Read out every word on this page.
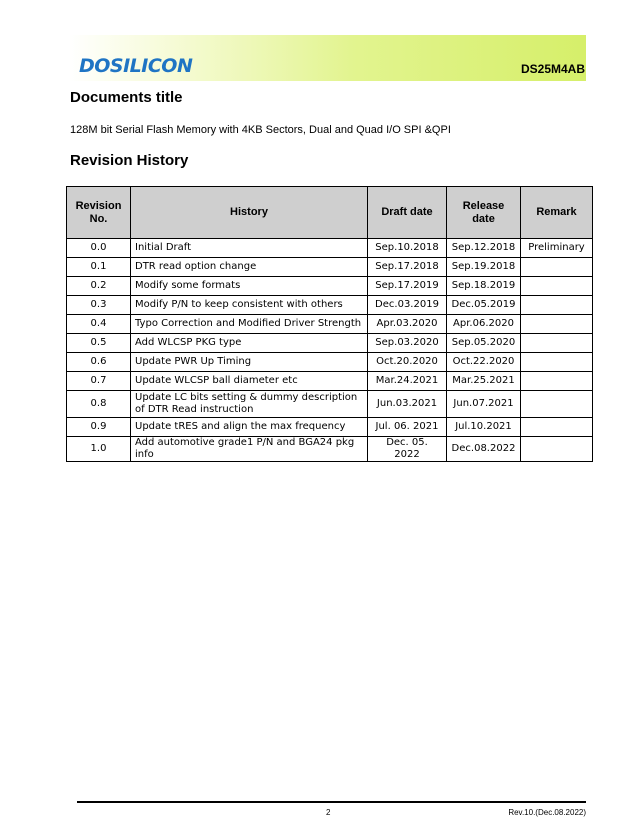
DOSILICON	DS25M4AB
Documents title
128M bit Serial Flash Memory with 4KB Sectors, Dual and Quad I/O SPI &QPI
Revision History
Revision No.	History	Draft date	Release date	Remark
0.0	Initial Draft	Sep.10.2018	Sep.12.2018	Preliminary
0.1	DTR read option change	Sep.17.2018	Sep.19.2018	
0.2	Modify some formats	Sep.17.2019	Sep.18.2019	
0.3	Modify P/N to keep consistent with others	Dec.03.2019	Dec.05.2019	
0.4	Typo Correction and Modified Driver Strength	Apr.03.2020	Apr.06.2020	
0.5	Add WLCSP PKG type	Sep.03.2020	Sep.05.2020	
0.6	Update PWR Up Timing	Oct.20.2020	Oct.22.2020	
0.7	Update WLCSP ball diameter etc	Mar.24.2021	Mar.25.2021	
0.8	Update LC bits setting & dummy description of DTR Read instruction	Jun.03.2021	Jun.07.2021	
0.9	Update tRES and align the max frequency	Jul. 06. 2021	Jul.10.2021	
1.0	Add automotive grade1 P/N and BGA24 pkg info	Dec. 05. 2022	Dec.08.2022	
2	Rev.10.(Dec.08.2022)
